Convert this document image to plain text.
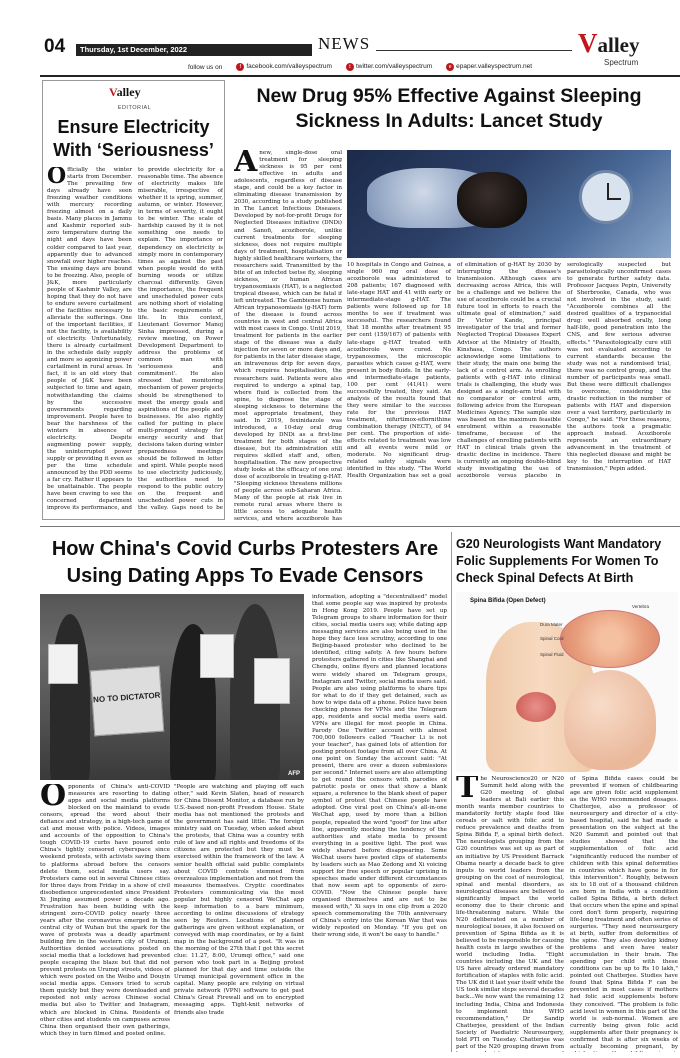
04	Thursday, 1st December, 2022	NEWS	Valley
Spectrum
follow us on	f facebook.com/valleyspectrum	t twitter.com/valleyspectrum	e epaper.valleyspectrum.net
Valley
EDITORIAL
Officially the winter starts from December. The prevailing few days already have seen freezing weather conditions with mercury recording freezing almost on a daily basis. Many places in Jammu and Kashmir reported sub-zero temperature during the night and days have been colder compared to last year, apparently due to advanced snowfall over higher reaches. The ensuing days are bound to be freezing. Also, people of J&K, more particularly people of Kashmir Valley, are hoping that they do not have to endure severe curtailment of the facilities necessary to alleviate the sufferings. One of the important facilities, if not the facility, is availability of electricity. Unfortunately, there is already curtailment in the schedule daily supply and more so agonizing power curtailment in rural areas. In fact, it is an old story that people of J&K have been subjected to time and again, notwithstanding the claims by the successive governments regarding improvement. People have to bear the harshness of the winters in absence of electricity. Despite augmenting power supply, the uninterrupted power supply or providing it even as per the time schedule announced by the PDD seems a far cry. Rather it appears to be unattainable. The people have been craving to see the concerned department improve its performance, and to provide electricity for a reasonable time. The absence of electricity makes life miserable, irrespective of whether it is spring, summer, autumn, or winter. However, in terms of severity, it ought to be winter. The scale of hardship caused by it is not something one needs to explain. The importance or dependency on electricity is simply more in contemporary times as against the past when people would do with burning woods or utilize charcoal differently. Given the importance, the frequent and unscheduled power cuts are nothing short of violating the basic requirements of life. In this context, Lieutenant Governor Manoj Sinha impressed, during a review meeting, on Power Development Department to address the problems of common man with 'seriousness and commitment'. He also stressed that monitoring mechanism of power projects should be strengthened to meet the energy goals and aspirations of the people and businesses. He also rightly called for putting in place multi-pronged strategy for energy security and that decisions taken during winter preparedness meetings should be followed in letter and spirit. While people need to use electricity judiciously, the authorities need to respond to the public outcry on the frequent and unscheduled power cuts in the valley. Gaps need to be
Ensure Electricity
With ‘Seriousness’
New Drug 95% Effective Against Sleeping
Sickness In Adults: Lancet Study
Anew, single-dose oral treatment for sleeping sickness is 95 per cent effective in adults and adolescents, regardless of disease stage, and could be a key factor in eliminating disease transmission by 2030, according to a study published in The Lancet Infectious Diseases. Developed by not-for-profit Drugs for Neglected Diseases initiative (DNDi) and Sanofi, acoziborole, unlike current treatments for sleeping sickness, does not require multiple days of treatment, hospitalisation or highly skilled healthcare workers, the researchers said. Transmitted by the bite of an infected tsetse fly, sleeping sickness, or human African trypanosomiasis (HAT), is a neglected tropical disease, which can be fatal if left untreated. The Gambiense human African trypanosomiasis (g-HAT) form of the disease is found across countries in west and central Africa with most cases in Congo. Until 2019, treatment for patients in the earlier stage of the disease was a daily injection for seven or more days and, for patients in the later disease stage, an intravenous drip for seven days, which requires hospitalisation, the researchers said. Patients were also required to undergo a spinal tap, where fluid is collected from the spine, to diagnose the stage of sleeping sickness to determine the most appropriate treatment, they said. In 2019, fexinidazole was introduced, a 10-day oral drug developed by DNDi as a first-line treatment for both stages of the disease, but its administration still requires skilled staff and, often, hospitalisation. The new prospective study looks at the efficacy of one oral dose of acoziborole in treating g-HAT. "Sleeping sickness threatens millions of people across sub-Saharan Africa. Many of the people at risk live in remote rural areas where there is little access to adequate health services, and where acoziborole has
10 hospitals in Congo and Guinea, a single 960 mg oral dose of acoziborole was administered to 208 patients; 167 diagnosed with late-stage HAT and 41 with early or intermediate-stage g-HAT. The patients were followed up for 18 months to see if treatment was successful. The researchers found that 18 months after treatment 95 per cent (159/167) of patients with late-stage g-HAT treated with acoziborole were cured. No trypanosomes, the microscopic parasites which cause g-HAT, were present in body fluids. In the early- and intermediate-stage patients, 100 per cent (41/41) were successfully treated, they said. An analysis of the results found that they were similar to the success rate for the previous HAT treatment, nifurtimox-eflornithine combination therapy (NECT), of 94 per cent. The proportion of side-effects related to treatment was low and all events were mild or moderate. No significant drug-related safety signals were identified in this study. "The World Health Organization has set a goal of elimination of g-HAT by 2030 by interrupting the disease's transmission. Although cases are decreasing across Africa, this will be a challenge and we believe the use of acoziborole could be a crucial future tool in efforts to reach the ultimate goal of elimination," said Dr Victor Kande, principal investigator of the trial and former Neglected Tropical Diseases Expert Advisor at the Ministry of Health, Kinshasa, Congo. The authors acknowledge some limitations to their study, the main one being the lack of a control arm. As enrolling patients with g-HAT into clinical trials is challenging, the study was designed as a single-arm trial with no comparator or control arm, following advice from the European Medicines Agency. The sample size was based on the maximum feasible enrolment within a reasonable timeframe, because of the challenges of enrolling patients with HAT in clinical trials given the drastic decline in incidence. There is currently an ongoing double-blind study investigating the use of acoziborole versus placebo in serologically suspected but parasitologically unconfirmed cases to generate further safety data. Professor Jacques Pepin, University of Sherbrooke, Canada, who was not involved in the study, said: "Acoziborole combines all the desired qualities of a trypanocidal drug: well absorbed orally, long half-life, good penetration into the CNS, and few serious adverse effects." "Parasitologically cure still was not evaluated according to current standards because the study was not a randomised trial, there was no control group, and the number of participants was small. But these were difficult challenges to overcome, considering the drastic reduction in the number of patients with HAT and dispersion over a vast territory, particularly in Congo," he said. "For these reasons, the authors took a pragmatic approach instead. Acoziborole represents an extraordinary advancement in the treatment of this neglected disease and might be key to the interruption of HAT transmission," Pepin added.
How China's Covid Curbs Protesters Are
Using Dating Apps To Evade Censors
NO TO DICTATOR
AFP
Opponents of China's anti-COVID measures are resorting to dating apps and social media platforms blocked on the mainland to evade censors, spread the word about their defiance and strategy, in a high-tech game of cat and mouse with police. Videos, images and accounts of the opposition to China's tough COVID-19 curbs have poured onto China's tightly censored cyberspace since weekend protests, with activists saving them to platforms abroad before the censors delete them, social media users say. Protesters came out in several Chinese cities for three days from Friday in a show of civil disobedience unprecedented since President Xi Jinping assumed power a decade ago. Frustration has been building with the stringent zero-COVID policy nearly three years after the coronavirus emerged in the central city of Wuhan but the spark for the wave of protests was a deadly apartment building fire in the western city of Urumqi. Authorities denied accusations posted on social media that a lockdown had prevented people escaping the blaze but that did not prevent protests on Urumqi streets, videos of which were posted on the Weibo and Douyin social media apps. Censors tried to scrub them quickly but they were downloaded and reposted not only across Chinese social media but also to Twitter and Instagram, which are blocked in China. Residents of other cities and students on campuses across China then organised their own gatherings, which they in turn filmed and posted online.
"People are watching and playing off each other," said Kevin Slaten, head of research for China Dissent Monitor, a database run by U.S.-based non-profit Freedom House. State media has not mentioned the protests and the government has said little. The foreign ministry said on Tuesday, when asked about the protests, that China was a country with rule of law and all rights and freedoms of its citizens are protected but they must be exercised within the framework of the law. A senior health official said public complaints about COVID controls stemmed from overzealous implementation and not from the measures themselves. Cryptic coordinates Protesters communicating via the most popular but highly censored WeChat app keep information to a bare minimum, according to online discussions of strategy seen by Reuters. Locations of planned gatherings are given without explanation, or conveyed with map coordinates, or by a faint map in the background of a post. "It was in the morning of the 27th that I got this secret clue: 11.27, 8:00, Urumqi office," said one person who took part in a Beijing protest planned for that day and time outside the Urumqi municipal government office in the capital. Many people are relying on virtual private network (VPN) software to get past China's Great Firewall and on to encrypted messaging apps. Tight-knit networks of friends also trade
information, adopting a "decentralised" model that some people say was inspired by protests in Hong Kong 2019. People have set up Telegram groups to share information for their cities, social media users say, while dating app messaging services are also being used in the hope they face less scrutiny, according to one Beijing-based protester who declined to be identified, citing safety. A few hours before protesters gathered in cities like Shanghai and Chengdu, online flyers and planned locations were widely shared on Telegram groups, Instagram and Twitter, social media users said. People are also using platforms to share tips for what to do if they get detained, such as how to wipe data off a phone. Police have been checking phones for VPNs and the Telegram app, residents and social media users said. VPNs are illegal for most people in China. Parody One Twitter account with almost 700,000 followers called "Teacher Li is not your teacher", has gained lots of attention for posting protest footage from all over China. At one point on Sunday the account said: "At present, there are over a dozen submissions per second." Internet users are also attempting to get round the censors with parodies of patriotic posts or ones that show a blank square, a reference to the blank sheet of paper symbol of protest that Chinese people have adopted. One viral post on China's all-in-one WeChat app, used by more than a billion people, repeated the word "good" for line after line, apparently mocking the tendency of the authorities and state media to present everything in a positive light. The post was widely shared before disappearing. Some WeChat users have posted clips of statements by leaders such as Mao Zedong and Xi voicing support for free speech or popular uprising in speeches made under different circumstances that now seem apt to opponents of zero-COVID. "Now the Chinese people have organised themselves and are not to be messed with," Xi says in one clip from a 2020 speech commemorating the 70th anniversary of China's entry into the Korean War that was widely reposted on Monday. "If you get on their wrong side, it won't be easy to handle."
G20 Neurologists Want Mandatory
Folic Supplements For Women To
Check Spinal Defects At Birth
Spina Bifida (Open Defect)
Vertebra
Dura Mater
Spinal Cord
Spinal Fluid
The Neuroscience20 or N20 Summit held along with the G20 meeting of global leaders at Bali earlier this month wants member countries to mandatorily fortify staple food like cereals or salt with folic acid to reduce prevalence and deaths from Spina Bifida F, a spinal birth defect. The neurologists grouping from the G20 countries was set up as part of an initiative by US President Barrack Obama nearly a decade back to give inputs to world leaders from the grouping on the cost of neurological, spinal and mental disorders, as neurological diseases are believed to significantly impact the world economy due to their chronic and life-threatening nature. While the N20 deliberated on a number of neurological issues, it also focused on prevention of Spina Bifida as it is believed to be responsible for causing health costs in large swathes of the world including India. "Eight countries including the UK and the US have already ordered mandatory fortification of staples with folic acid. The UK did it last year itself while the US took similar steps several decades back...We now want the remaining 12 including India, China and Indonesia to implement this WHO recommendation," Dr Sandip Chatterjee, president of the Indian Society of Paediatric Neurosurgery, told PTI on Tuesday. Chatterjee was part of the N20 grouping drawn from
of Spina Bifida cases could be prevented if women of childbearing age are given folic acid supplement as the WHO recommended dosages. Chatterjee, also a professor of neurosurgery and director of a city-based hospital, said he had made a presentation on the subject at the N20 Summit and pointed out that studies showed that the supplementation of folic acid "significantly reduced the number of children with this spinal deformities in countries which have gone in for this intervention". Roughly, between six to 18 out of a thousand children are born in India with a condition called Spina Bifida, a birth defect that occurs when the spine and spinal cord don't form properly, requiring life-long treatment and often series of surgeries. "They need neurosurgery at birth, suffer from deformities of the spine. They also develop kidney problems and even have water accumulation in their brain. The spending per child with these conditions can be up to Rs 10 lakh," pointed out Chatterjee. Studies have found that Spina Bifida F can be prevented in most cases if mothers had folic acid supplements before they conceived. "The problem is folic acid level in women in this part of the world is sub-normal. Women are currently being given folic acid supplements after their pregnancy is confirmed that is after six weeks of actually becoming pregnant, by
